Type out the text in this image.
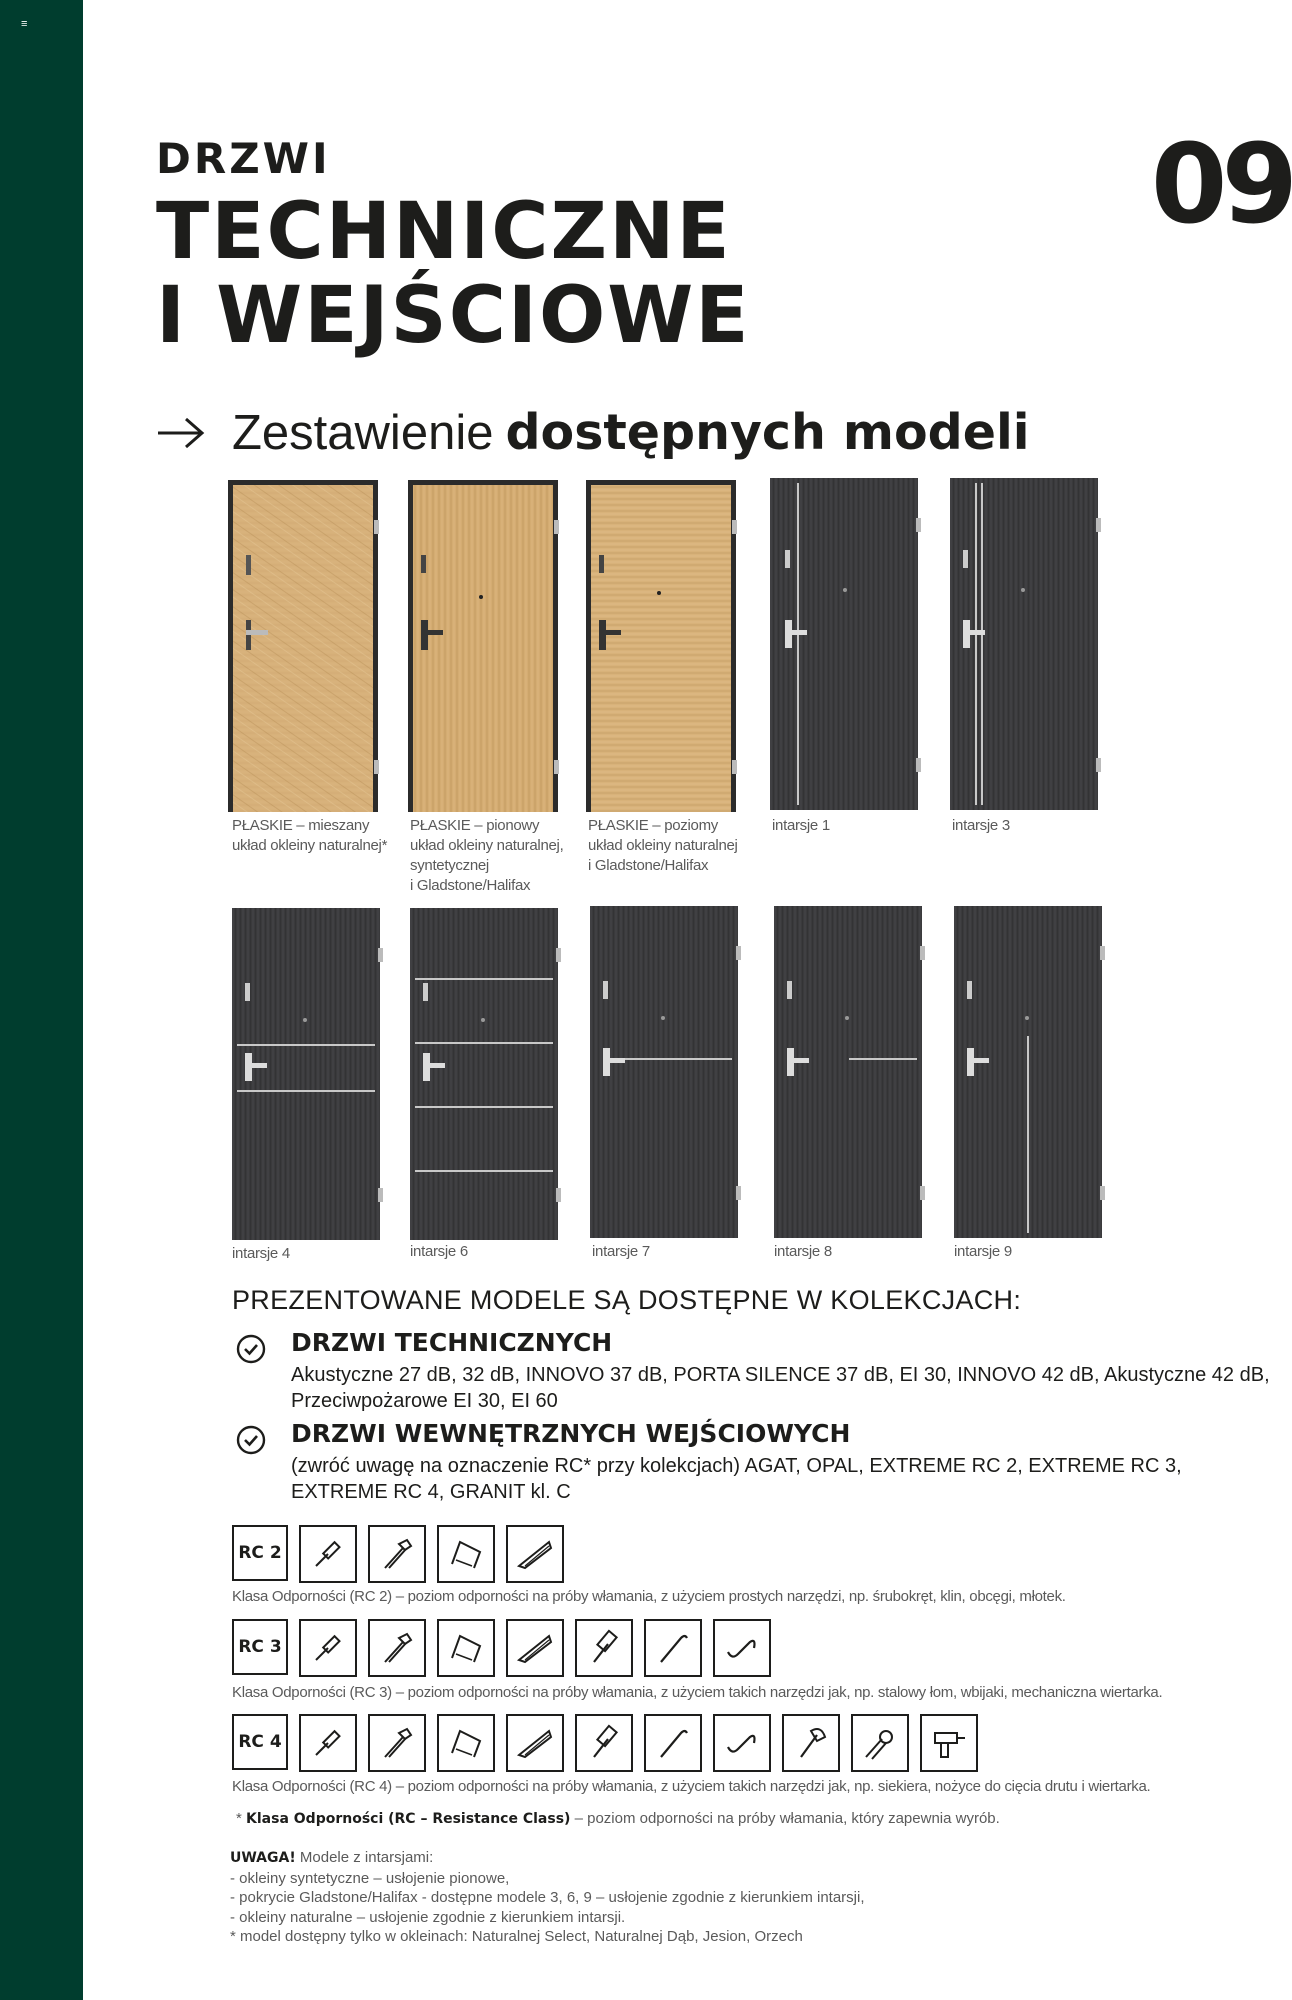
≡
DRZWI
TECHNICZNE
I WEJŚCIOWE
09
Zestawienie dostępnych modeli
PŁASKIE – mieszany
układ okleiny naturalnej*
PŁASKIE – pionowy
układ okleiny naturalnej,
syntetycznej
i Gladstone/Halifax
PŁASKIE – poziomy
układ okleiny naturalnej
i Gladstone/Halifax
intarsje 1	intarsje 3
intarsje 4	intarsje 6	intarsje 7	intarsje 8	intarsje 9
PREZENTOWANE MODELE SĄ DOSTĘPNE W KOLEKCJACH:
DRZWI TECHNICZNYCH

Akustyczne 27 dB, 32 dB, INNOVO 37 dB, PORTA SILENCE 37 dB, EI 30, INNOVO 42 dB, Akustyczne 42 dB, Przeciwpożarowe EI 30, EI 60

DRZWI WEWNĘTRZNYCH WEJŚCIOWYCH

(zwróć uwagę na oznaczenie RC* przy kolekcjach) AGAT, OPAL, EXTREME RC 2, EXTREME RC 3, EXTREME RC 4, GRANIT kl. C

RC 2
Klasa Odporności (RC 2) – poziom odporności na próby włamania, z użyciem prostych narzędzi, np. śrubokręt, klin, obcęgi, młotek.
RC 3
Klasa Odporności (RC 3) – poziom odporności na próby włamania, z użyciem takich narzędzi jak, np. stalowy łom, wbijaki, mechaniczna wiertarka.
RC 4
Klasa Odporności (RC 4) – poziom odporności na próby włamania, z użyciem takich narzędzi jak, np. siekiera, nożyce do cięcia drutu i wiertarka.
* Klasa Odporności (RC – Resistance Class) – poziom odporności na próby włamania, który zapewnia wyrób.
UWAGA! Modele z intarsjami:
- okleiny syntetyczne – usłojenie pionowe,
- pokrycie Gladstone/Halifax - dostępne modele 3, 6, 9 – usłojenie zgodnie z kierunkiem intarsji,
- okleiny naturalne – usłojenie zgodnie z kierunkiem intarsji.
* model dostępny tylko w okleinach: Naturalnej Select, Naturalnej Dąb, Jesion, Orzech
